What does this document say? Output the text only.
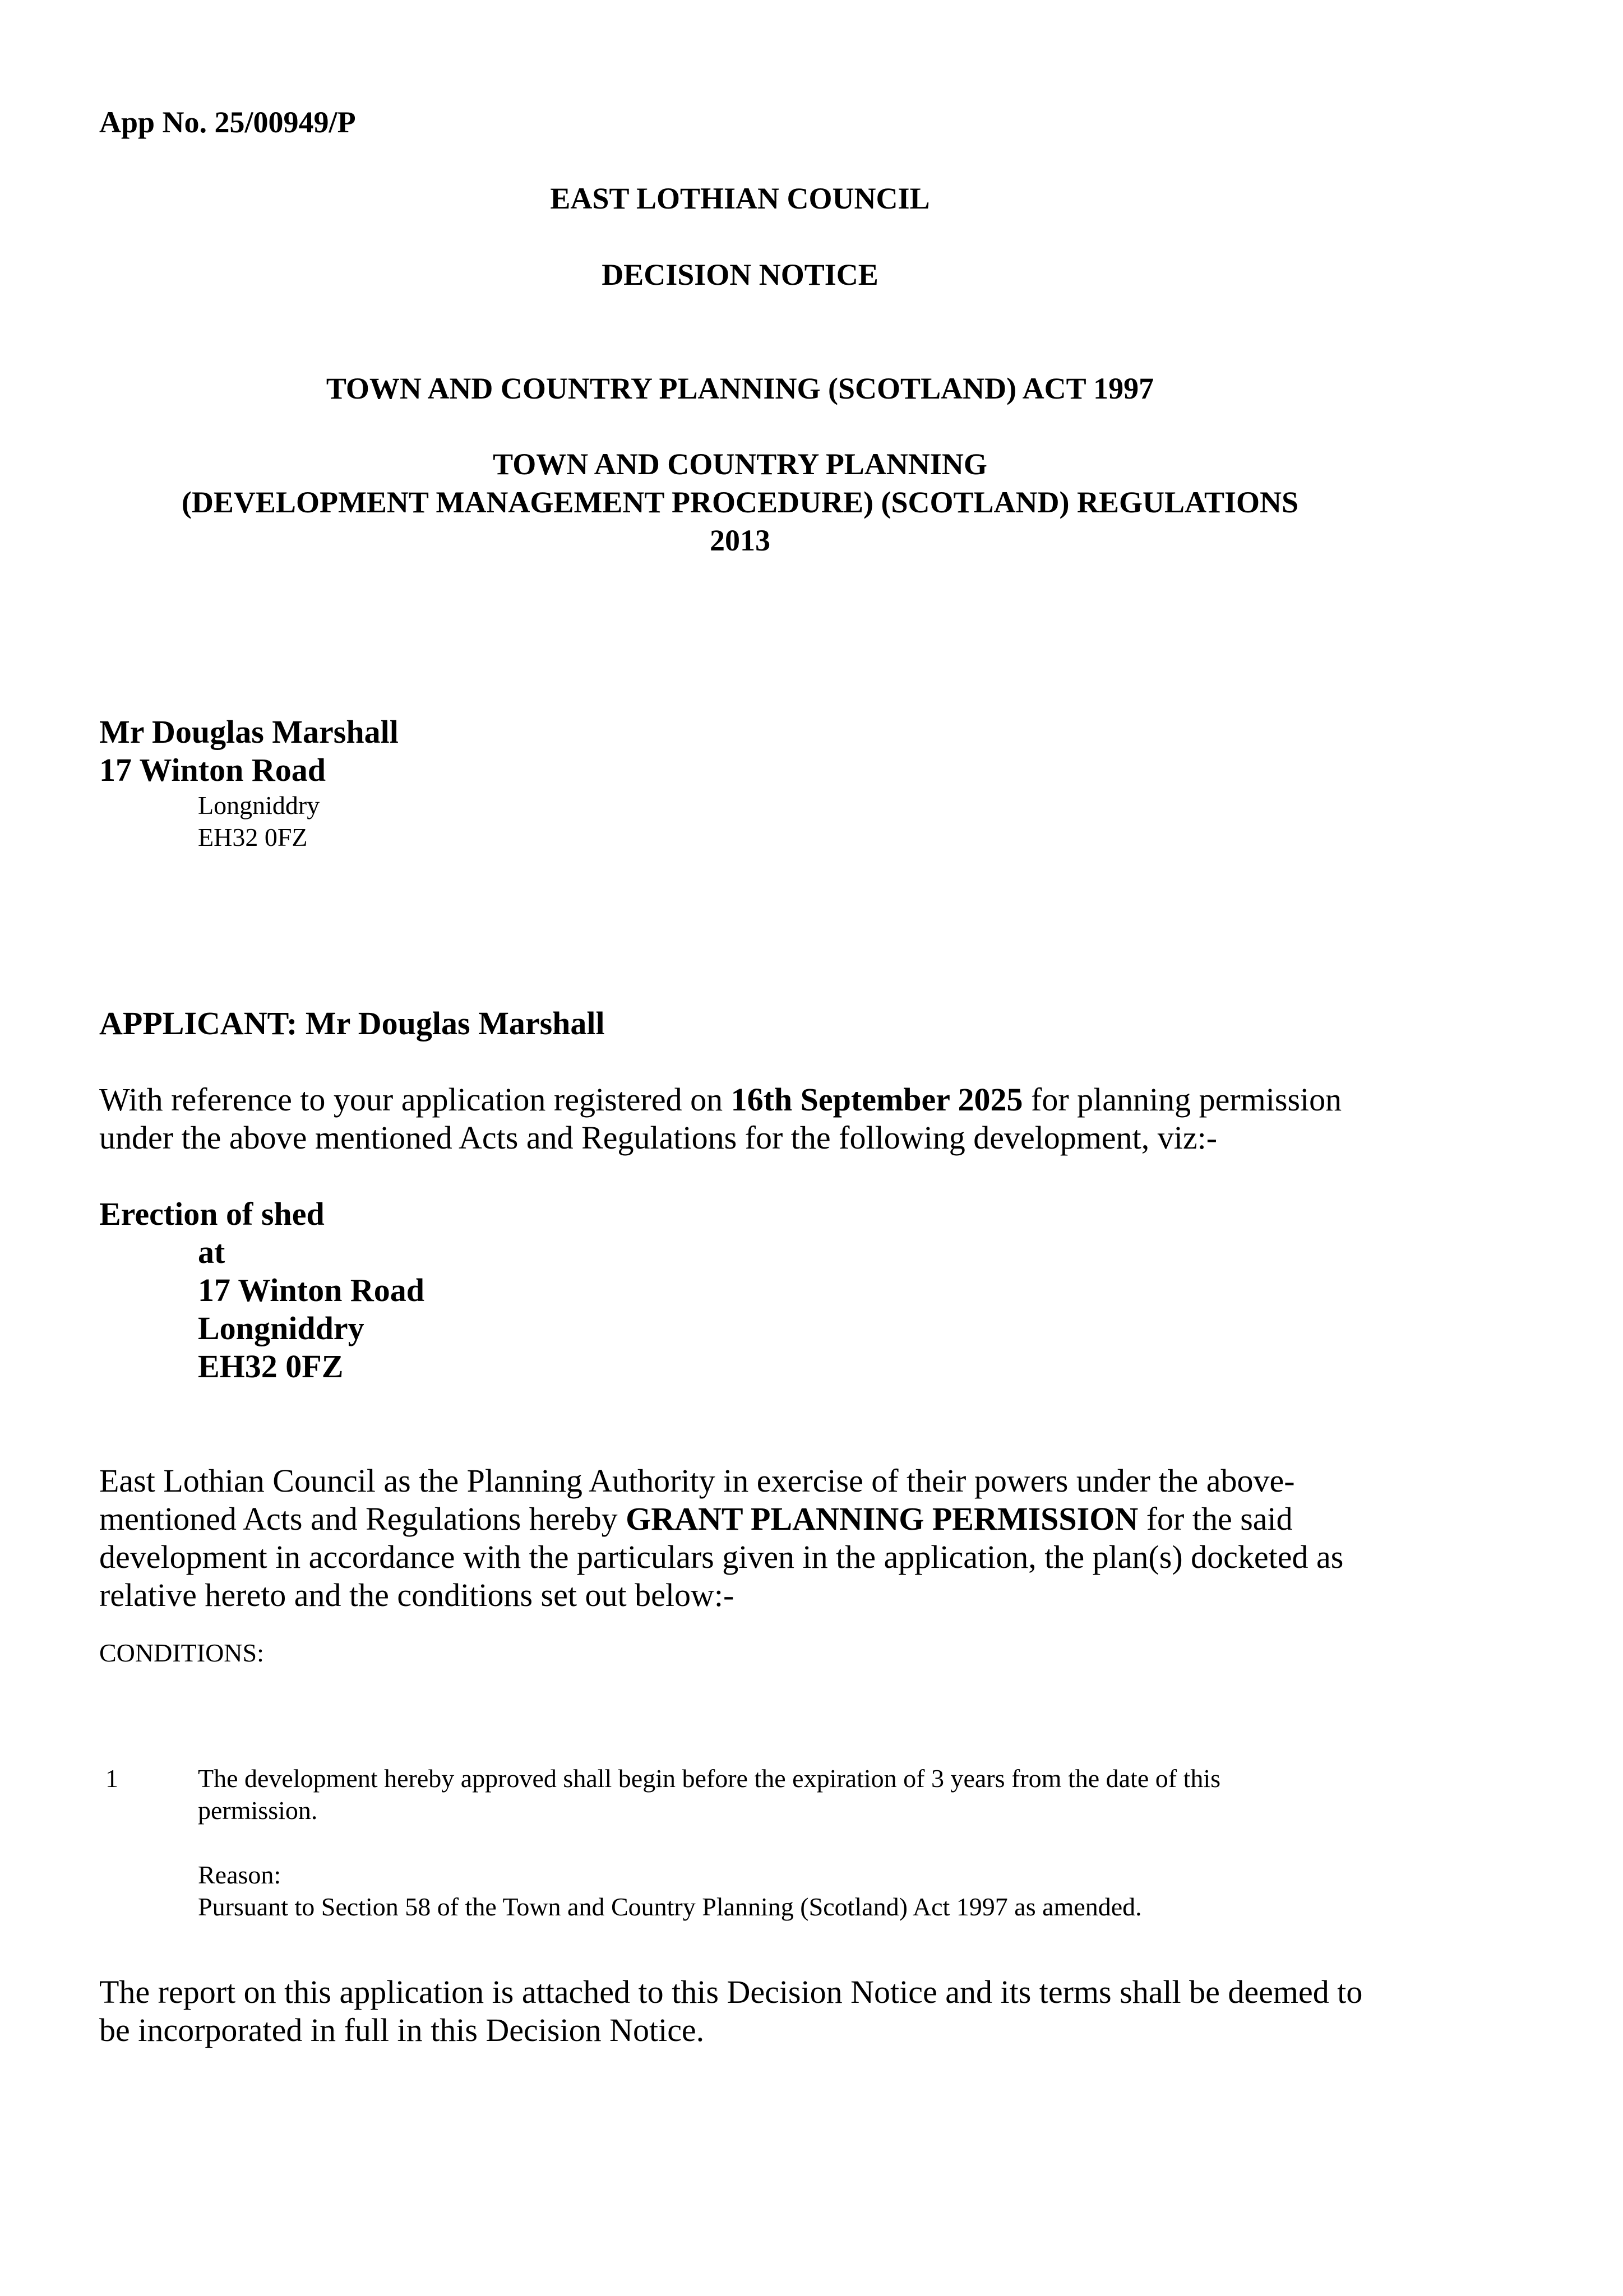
App No. 25/00949/P

EAST LOTHIAN COUNCIL

DECISION NOTICE

TOWN AND COUNTRY PLANNING (SCOTLAND) ACT 1997

TOWN AND COUNTRY PLANNING

(DEVELOPMENT MANAGEMENT PROCEDURE) (SCOTLAND) REGULATIONS

2013

Mr Douglas Marshall

17 Winton Road

Longniddry

EH32 0FZ

APPLICANT: Mr Douglas Marshall

With reference to your application registered on 16th September 2025 for planning permission

under the above mentioned Acts and Regulations for the following development, viz:-

Erection of shed

at

17 Winton Road

Longniddry

EH32 0FZ

East Lothian Council as the Planning Authority in exercise of their powers under the above-

mentioned Acts and Regulations hereby GRANT PLANNING PERMISSION for the said

development in accordance with the particulars given in the application, the plan(s) docketed as

relative hereto and the conditions set out below:-

CONDITIONS:

1	The development hereby approved shall begin before the expiration of 3 years from the date of this

permission.

Reason:

Pursuant to Section 58 of the Town and Country Planning (Scotland) Act 1997 as amended.

The report on this application is attached to this Decision Notice and its terms shall be deemed to

be incorporated in full in this Decision Notice.
